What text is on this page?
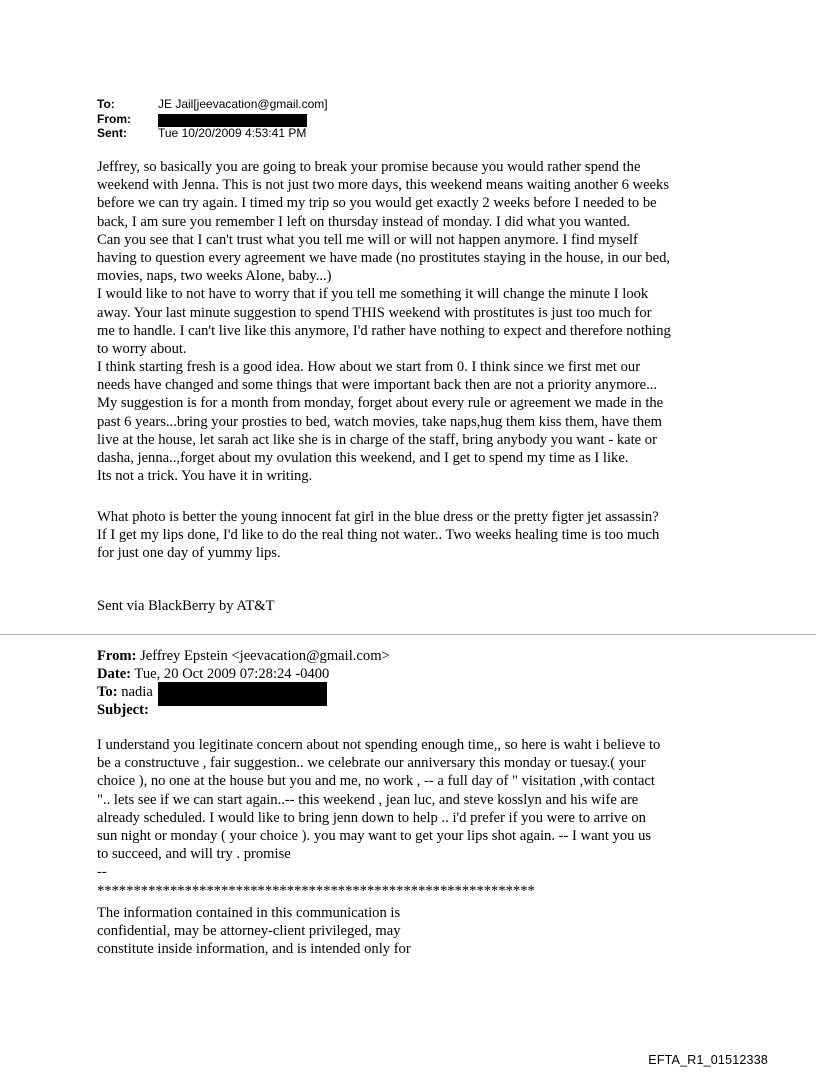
To:	JE Jail[jeevacation@gmail.com]
From:
Sent:	Tue 10/20/2009 4:53:41 PM
Jeffrey, so basically you are going to break your promise because you would rather spend the
weekend with Jenna. This is not just two more days, this weekend means waiting another 6 weeks
before we can try again. I timed my trip so you would get exactly 2 weeks before I needed to be
back, I am sure you remember I left on thursday instead of monday. I did what you wanted.
Can you see that I can't trust what you tell me will or will not happen anymore. I find myself
having to question every agreement we have made (no prostitutes staying in the house, in our bed,
movies, naps, two weeks Alone, baby...)
I would like to not have to worry that if you tell me something it will change the minute I look
away. Your last minute suggestion to spend THIS weekend with prostitutes is just too much for
me to handle. I can't live like this anymore, I'd rather have nothing to expect and therefore nothing
to worry about.
I think starting fresh is a good idea. How about we start from 0. I think since we first met our
needs have changed and some things that were important back then are not a priority anymore...
My suggestion is for a month from monday, forget about every rule or agreement we made in the
past 6 years...bring your prosties to bed, watch movies, take naps,hug them kiss them, have them
live at the house, let sarah act like she is in charge of the staff, bring anybody you want - kate or
dasha, jenna..,forget about my ovulation this weekend, and I get to spend my time as I like.
Its not a trick. You have it in writing.
What photo is better the young innocent fat girl in the blue dress or the pretty figter jet assassin?
If I get my lips done, I'd like to do the real thing not water.. Two weeks healing time is too much
for just one day of yummy lips.
Sent via BlackBerry by AT&T
From: Jeffrey Epstein <jeevacation@gmail.com>
Date: Tue, 20 Oct 2009 07:28:24 -0400
To: nadia
Subject:
I understand you legitinate concern about not spending enough time,, so here is waht i believe to
be a constructuve , fair suggestion.. we celebrate our anniversary this monday or tuesay.( your
choice ), no one at the house but you and me, no work , -- a full day of " visitation ,with contact
".. lets see if we can start again..-- this weekend , jean luc, and steve kosslyn and his wife are
already scheduled. I would like to bring jenn down to help .. i'd prefer if you were to arrive on
sun night or monday ( your choice ). you may want to get your lips shot again. -- I want you us
to succeed, and will try . promise
--
************************************************************
The information contained in this communication is
confidential, may be attorney-client privileged, may
constitute inside information, and is intended only for
EFTA_R1_01512338
